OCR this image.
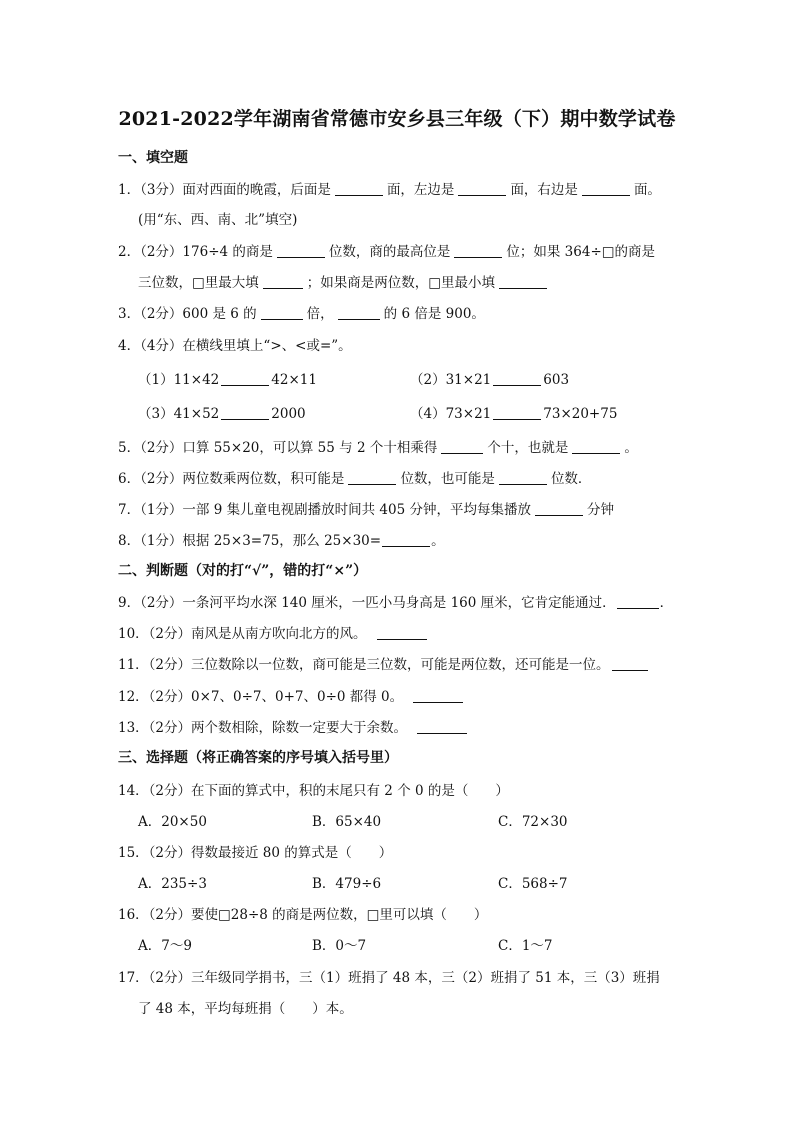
2021-2022学年湖南省常德市安乡县三年级（下）期中数学试卷
一、填空题
1．（3分）面对西面的晚霞，后面是	面，左边是	面，右边是	面。
(用“东、西、南、北”填空)
2．（2分）176÷4 的商是	位数，商的最高位是	位；如果 364÷□的商是
三位数，□里最大填	；如果商是两位数，□里最小填
3．（2分）600 是 6 的	倍，	的 6 倍是 900。
4．（4分）在横线里填上“>、<或=”。
（1）11×42	42×11	（2）31×21	603
（3）41×52	2000	（4）73×21	73×20+75
5．（2分）口算 55×20，可以算 55 与 2 个十相乘得	个十，也就是	。
6．（2分）两位数乘两位数，积可能是	位数，也可能是	位数．
7．（1分）一部 9 集儿童电视剧播放时间共 405 分钟，平均每集播放	分钟
8．（1分）根据 25×3=75，那么 25×30=	。
二、判断题（对的打“√”，错的打“×”）
9．（2分）一条河平均水深 140 厘米，一匹小马身高是 160 厘米，它肯定能通过．	．
10．（2分）南风是从南方吹向北方的风。
11．（2分）三位数除以一位数，商可能是三位数，可能是两位数，还可能是一位。
12．（2分）0×7、0÷7、0+7、0÷0 都得 0。
13．（2分）两个数相除，除数一定要大于余数。
三、选择题（将正确答案的序号填入括号里）
14．（2分）在下面的算式中，积的末尾只有 2 个 0 的是（　　）
A．20×50	B．65×40	C．72×30
15．（2分）得数最接近 80 的算式是（　　）
A．235÷3	B．479÷6	C．568÷7
16．（2分）要使□28÷8 的商是两位数，□里可以填（　　）
A．7～9	B．0～7	C．1～7
17．（2分）三年级同学捐书，三（1）班捐了 48 本，三（2）班捐了 51 本，三（3）班捐
了 48 本，平均每班捐（　　）本。
